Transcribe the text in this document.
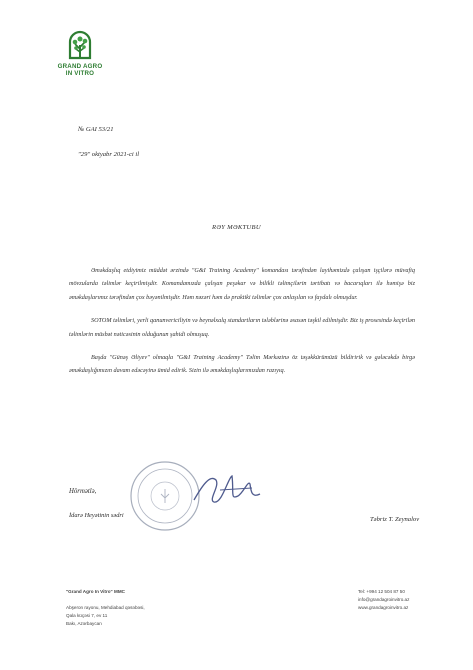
GRAND AGRO
IN VITRO
№ GAI 53/21
"29" oktyabr 2021-ci il
RƏY MƏKTUBU

Əməkdaşlıq etdiyimiz müddət ərzində "G&I Training Academy" komandası tərəfindən layihəmizdə çalışan işçilərə müvafiq mövzularda təlimlər keçirilmişdir. Komandamızda çalışan peşəkar və bilikli təlimçilərin tərtibatı və bacarıqları ilə həmişə biz əməkdaşlarımız tərəfindən çox bəyənilmişdir. Həm nəzəri həm də praktiki təlimlər çox anlaşılan və faydalı olmuşdur.

SOTOM təlimləri, yerli qanunvericiliyin və beynəlxalq standartların tələblərinə əsasən təşkil edilmişdir. Biz iş prosesində keçirilən təlimlərin müsbət nəticəsinin olduğunun şahidi olmuşuq.

Başda "Günəş Əliyev" olmaqla "G&I Training Academy" Təlim Mərkəzinə öz təşəkkürümüzü bildiririk və gələcəkdə birgə əməkdaşlığımızın davam edəcəyinə ümid edirik. Sizin ilə əməkdaşlıqlarımızdan razıyıq.

Hörmətlə,
İdarə Heyətinin sədri
Təbriz T. Zeynalov
"Grand Agro In Vitro" MMC
Abşeron rayonu, Mehdiabad qəsəbəsi,
Qala küçəsi 7, ev 11
Bakı, Azərbaycan
Tel: +994 12 504 87 50
info@grandagroinvitro.az
www.grandagroinvitro.az
